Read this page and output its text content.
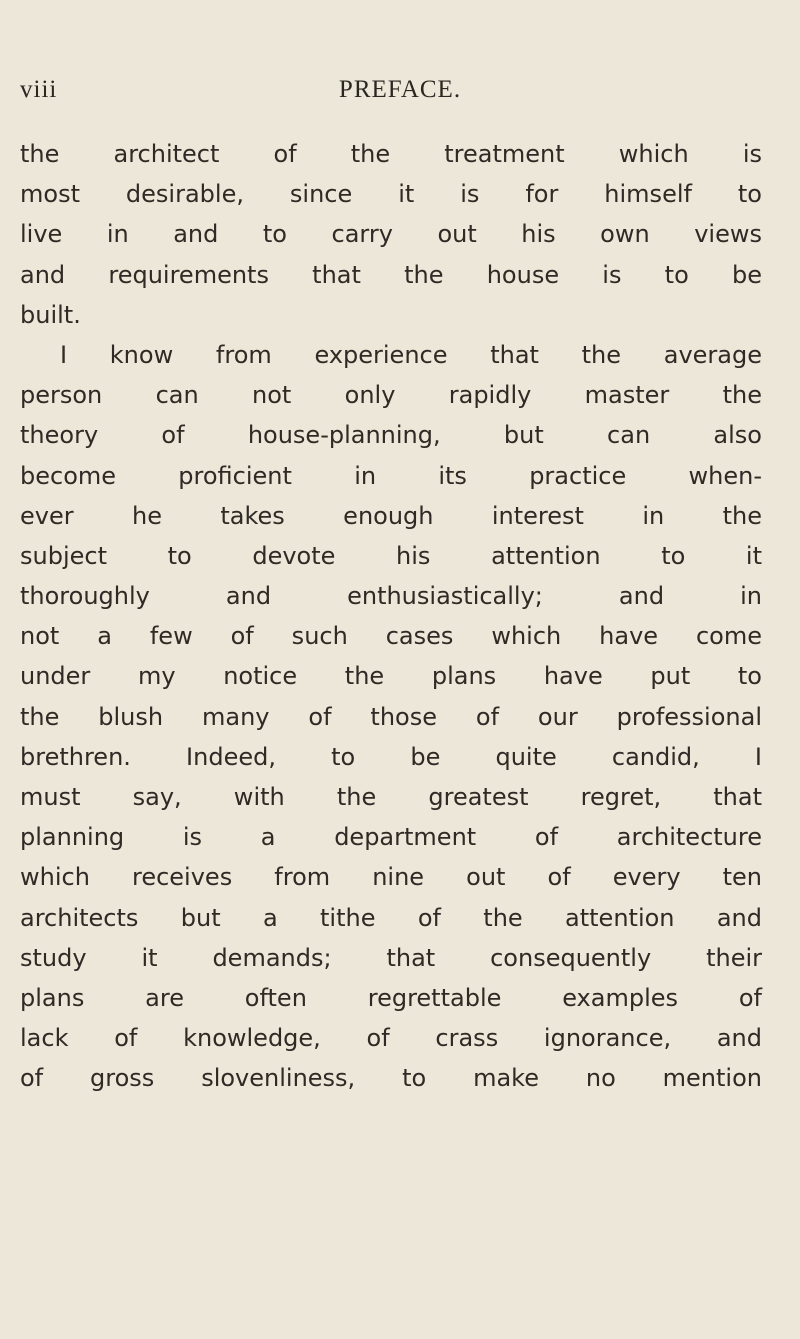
viii	PREFACE.
the architect of the treatment which is
most desirable, since it is for himself to
live in and to carry out his own views
and requirements that the house is to be
built.
I know from experience that the average
person can not only rapidly master the
theory of house-planning, but can also
become proficient in its practice when-
ever he takes enough interest in the
subject to devote his attention to it
thoroughly and enthusiastically; and in
not a few of such cases which have come
under my notice the plans have put to
the blush many of those of our professional
brethren. Indeed, to be quite candid, I
must say, with the greatest regret, that
planning is a department of architecture
which receives from nine out of every ten
architects but a tithe of the attention and
study it demands; that consequently their
plans are often regrettable examples of
lack of knowledge, of crass ignorance, and
of gross slovenliness, to make no mention
